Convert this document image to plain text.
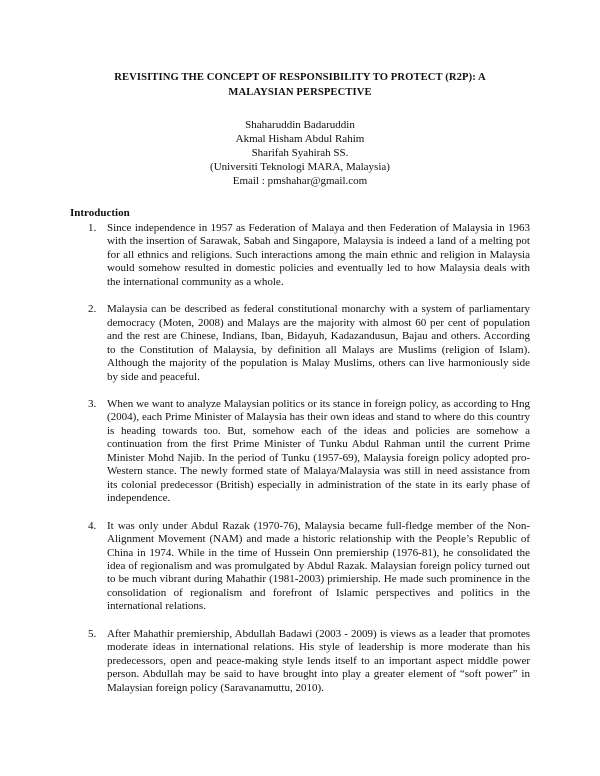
REVISITING THE CONCEPT OF RESPONSIBILITY TO PROTECT (R2P): A
MALAYSIAN PERSPECTIVE
Shaharuddin Badaruddin
Akmal Hisham Abdul Rahim
Sharifah Syahirah SS.
(Universiti Teknologi MARA, Malaysia)
Email : pmshahar@gmail.com
Introduction
1. Since independence in 1957 as Federation of Malaya and then Federation of Malaysia in 1963 with the insertion of Sarawak, Sabah and Singapore, Malaysia is indeed a land of a melting pot for all ethnics and religions. Such interactions among the main ethnic and religion in Malaysia would somehow resulted in domestic policies and eventually led to how Malaysia deals with the international community as a whole.
2. Malaysia can be described as federal constitutional monarchy with a system of parliamentary democracy (Moten, 2008) and Malays are the majority with almost 60 per cent of population and the rest are Chinese, Indians, Iban, Bidayuh, Kadazandusun, Bajau and others. According to the Constitution of Malaysia, by definition all Malays are Muslims (religion of Islam). Although the majority of the population is Malay Muslims, others can live harmoniously side by side and peaceful.
3. When we want to analyze Malaysian politics or its stance in foreign policy, as according to Hng (2004), each Prime Minister of Malaysia has their own ideas and stand to where do this country is heading towards too. But, somehow each of the ideas and policies are somehow a continuation from the first Prime Minister of Tunku Abdul Rahman until the current Prime Minister Mohd Najib. In the period of Tunku (1957-69), Malaysia foreign policy adopted pro-Western stance. The newly formed state of Malaya/Malaysia was still in need assistance from its colonial predecessor (British) especially in administration of the state in its early phase of independence.
4. It was only under Abdul Razak (1970-76), Malaysia became full-fledge member of the Non-Alignment Movement (NAM) and made a historic relationship with the People’s Republic of China in 1974. While in the time of Hussein Onn premiership (1976-81), he consolidated the idea of regionalism and was promulgated by Abdul Razak. Malaysian foreign policy turned out to be much vibrant during Mahathir (1981-2003) primiership. He made such prominence in the consolidation of regionalism and forefront of Islamic perspectives and politics in the international relations.
5. After Mahathir premiership, Abdullah Badawi (2003 - 2009) is views as a leader that promotes moderate ideas in international relations. His style of leadership is more moderate than his predecessors, open and peace-making style lends itself to an important aspect middle power person. Abdullah may be said to have brought into play a greater element of “soft power” in Malaysian foreign policy (Saravanamuttu, 2010).
